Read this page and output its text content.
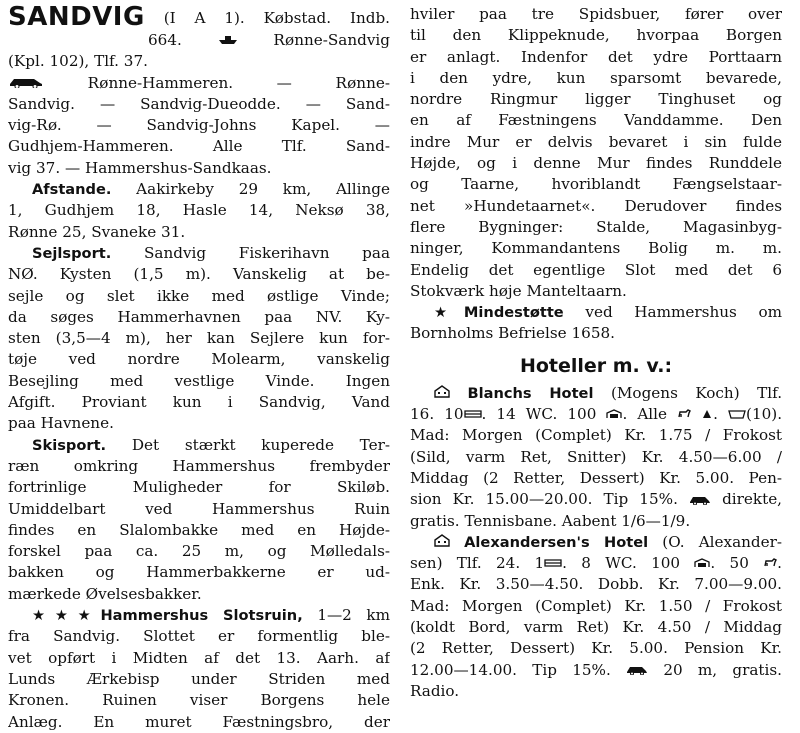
SANDVIG (I A 1). Købstad. Indb.
664.	Rønne-Sandvig
(Kpl. 102), Tlf. 37.
Rønne-Hammeren. — Rønne-
Sandvig. — Sandvig-Dueodde. — Sand-
vig-Rø. — Sandvig-Johns Kapel. —
Gudhjem-Hammeren. Alle Tlf. Sand-
vig 37. — Hammershus-Sandkaas.
Afstande. Aakirkeby 29 km, Allinge
1, Gudhjem 18, Hasle 14, Neksø 38,
Rønne 25, Svaneke 31.
Sejlsport. Sandvig Fiskerihavn paa
NØ. Kysten (1,5 m). Vanskelig at be-
sejle og slet ikke med østlige Vinde;
da søges Hammerhavnen paa NV. Ky-
sten (3,5—4 m), her kan Sejlere kun for-
tøje ved nordre Molearm, vanskelig
Besejling med vestlige Vinde. Ingen
Afgift. Proviant kun i Sandvig, Vand
paa Havnene.
Skisport. Det stærkt kuperede Ter-
ræn omkring Hammershus frembyder
fortrinlige Muligheder for Skiløb.
Umiddelbart ved Hammershus Ruin
findes en Slalombakke med en Højde-
forskel paa ca. 25 m, og Mølledals-
bakken og Hammerbakkerne er ud-
mærkede Øvelsesbakker.
★★★Hammershus Slotsruin, 1—2 km
fra Sandvig. Slottet er formentlig ble-
vet opført i Midten af det 13. Aarh. af
Lunds Ærkebisp under Striden med
Kronen. Ruinen viser Borgens hele
Anlæg. En muret Fæstningsbro, der
hviler paa tre Spidsbuer, fører over
til den Klippeknude, hvorpaa Borgen
er anlagt. Indenfor det ydre Porttaarn
i den ydre, kun sparsomt bevarede,
nordre Ringmur ligger Tinghuset og
en af Fæstningens Vanddamme. Den
indre Mur er delvis bevaret i sin fulde
Højde, og i denne Mur findes Runddele
og Taarne, hvoriblandt Fængselstaar-
net »Hundetaarnet«. Derudover findes
flere Bygninger: Stalde, Magasinbyg-
ninger, Kommandantens Bolig m. m.
Endelig det egentlige Slot med det 6
Stokværk høje Manteltaarn.
★Mindestøtte ved Hammershus om
Bornholms Befrielse 1658.
Hoteller m. v.:
Blanchs Hotel (Mogens Koch) Tlf.
16. 10 . 14 WC. 100 . Alle	. (10).
Mad: Morgen (Complet) Kr. 1.75 / Frokost
(Sild, varm Ret, Snitter) Kr. 4.50—6.00 /
Middag (2 Retter, Dessert) Kr. 5.00. Pen-
sion Kr. 15.00—20.00. Tip 15%.	direkte,
gratis. Tennisbane. Aabent 1/6—1/9.
Alexandersen's Hotel (O. Alexander-
sen) Tlf. 24. 1 . 8 WC. 100 . 50 .
Enk. Kr. 3.50—4.50. Dobb. Kr. 7.00—9.00.
Mad: Morgen (Complet) Kr. 1.50 / Frokost
(koldt Bord, varm Ret) Kr. 4.50 / Middag
(2 Retter, Dessert) Kr. 5.00. Pension Kr.
12.00—14.00. Tip 15%.	20 m, gratis.
Radio.
